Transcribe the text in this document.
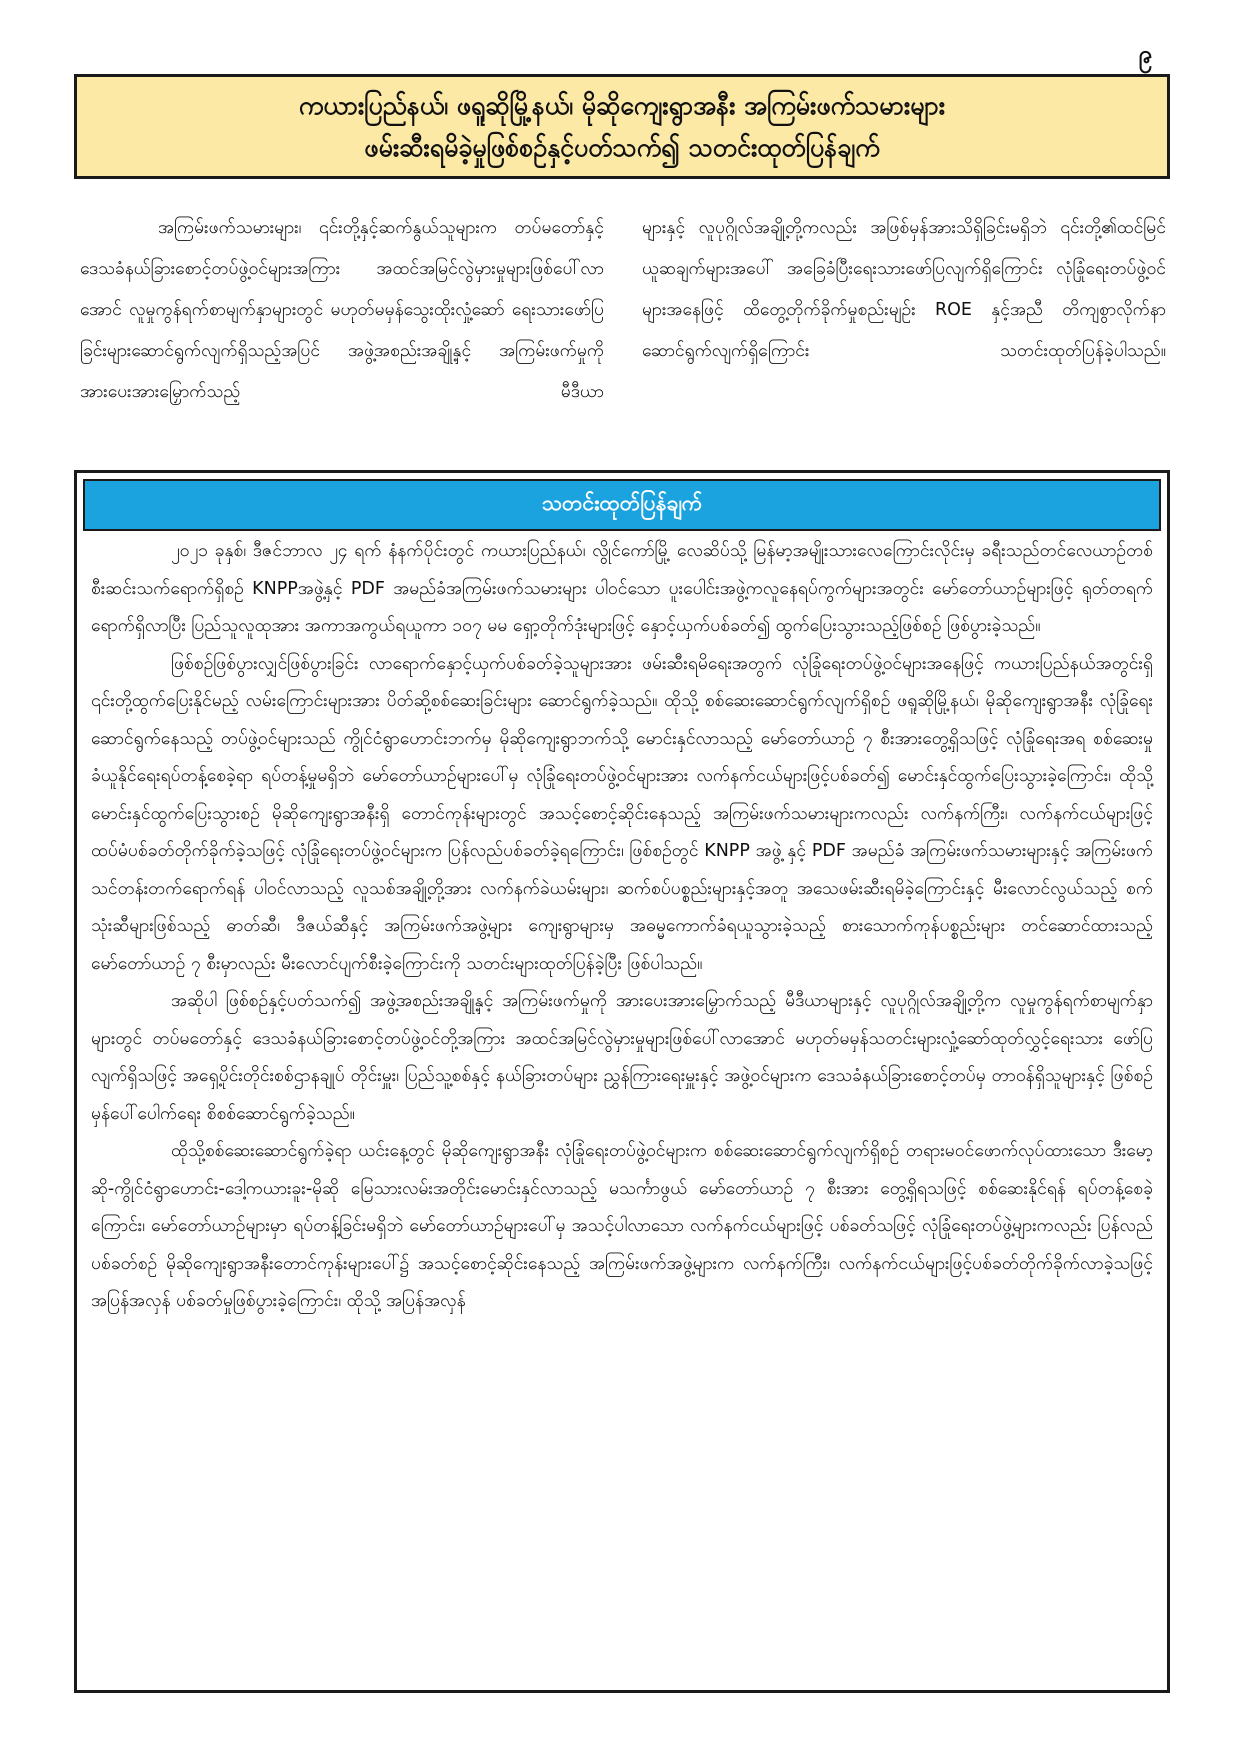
၉
ကယားပြည်နယ်၊ ဖရူဆိုမြို့နယ်၊ မိုဆိုကျေးရွာအနီး အကြမ်းဖက်သမားများ
ဖမ်းဆီးရမိခဲ့မှုဖြစ်စဉ်နှင့်ပတ်သက်၍ သတင်းထုတ်ပြန်ချက်
အကြမ်းဖက်သမားများ၊ ၎င်းတို့နှင့်ဆက်နွယ်သူများက တပ်မတော်နှင့် ဒေသခံနယ်ခြားစောင့်တပ်ဖွဲ့ဝင်များအကြား အထင်အမြင်လွဲမှားမှုများဖြစ်ပေါ်လာအောင် လူမှုကွန်ရက်စာမျက်နှာများတွင် မဟုတ်မမှန်သွေးထိုးလှုံ့ဆော် ရေးသားဖော်ပြခြင်းများဆောင်ရွက်လျက်ရှိသည့်အပြင် အဖွဲ့အစည်းအချို့နှင့် အကြမ်းဖက်မှုကို အားပေးအားမြှောက်သည့် မီဒီယာ
များနှင့် လူပုဂ္ဂိုလ်အချို့တို့ကလည်း အဖြစ်မှန်အားသိရှိခြင်းမရှိဘဲ ၎င်းတို့၏ထင်မြင်ယူဆချက်များအပေါ် အခြေခံပြီးရေးသားဖော်ပြလျက်ရှိကြောင်း လုံခြုံရေးတပ်ဖွဲ့ဝင်များအနေဖြင့် ထိတွေ့တိုက်ခိုက်မှုစည်းမျဉ်း ROE နှင့်အညီ တိကျစွာလိုက်နာဆောင်ရွက်လျက်ရှိကြောင်း သတင်းထုတ်ပြန်ခဲ့ပါသည်။
သတင်းထုတ်ပြန်ချက်

၂၀၂၁ ခုနှစ်၊ ဒီဇင်ဘာလ ၂၄ ရက် နံနက်ပိုင်းတွင် ကယားပြည်နယ်၊ လွိုင်ကော်မြို့ လေဆိပ်သို့ မြန်မာ့အမျိုးသားလေကြောင်းလိုင်းမှ ခရီးသည်တင်လေယာဉ်တစ်စီးဆင်းသက်ရောက်ရှိစဉ် KNPPအဖွဲ့နှင့် PDF အမည်ခံအကြမ်းဖက်သမားများ ပါဝင်သော ပူးပေါင်းအဖွဲ့ကလူနေရပ်ကွက်များအတွင်း မော်တော်ယာဉ်များဖြင့် ရုတ်တရက်ရောက်ရှိလာပြီး ပြည်သူလူထုအား အကာအကွယ်ရယူကာ ၁၀၇ မမ ရှော့တိုက်ဒုံးများဖြင့် နှောင့်ယှက်ပစ်ခတ်၍ ထွက်ပြေးသွားသည့်ဖြစ်စဉ် ဖြစ်ပွားခဲ့သည်။

ဖြစ်စဉ်ဖြစ်ပွားလျှင်ဖြစ်ပွားခြင်း လာရောက်နှောင့်ယှက်ပစ်ခတ်ခဲ့သူများအား ဖမ်းဆီးရမိရေးအတွက် လုံခြုံရေးတပ်ဖွဲ့ဝင်များအနေဖြင့် ကယားပြည်နယ်အတွင်းရှိ ၎င်းတို့ထွက်ပြေးနိုင်မည့် လမ်းကြောင်းများအား ပိတ်ဆို့စစ်ဆေးခြင်းများ ဆောင်ရွက်ခဲ့သည်။ ထိုသို့ စစ်ဆေးဆောင်ရွက်လျက်ရှိစဉ် ဖရူဆိုမြို့နယ်၊ မိုဆိုကျေးရွာအနီး လုံခြုံရေးဆောင်ရွက်နေသည့် တပ်ဖွဲ့ဝင်များသည် ကွိုင်ငံရွာဟောင်းဘက်မှ မိုဆိုကျေးရွာဘက်သို့ မောင်းနှင်လာသည့် မော်တော်ယာဉ် ၇ စီးအားတွေ့ရှိသဖြင့် လုံခြုံရေးအရ စစ်ဆေးမှုခံယူနိုင်ရေးရပ်တန့်စေခဲ့ရာ ရပ်တန့်မှုမရှိဘဲ မော်တော်ယာဉ်များပေါ်မှ လုံခြုံရေးတပ်ဖွဲ့ဝင်များအား လက်နက်ငယ်များဖြင့်ပစ်ခတ်၍ မောင်းနှင်ထွက်ပြေးသွားခဲ့ကြောင်း၊ ထိုသို့ မောင်းနှင်ထွက်ပြေးသွားစဉ် မိုဆိုကျေးရွာအနီးရှိ တောင်ကုန်းများတွင် အသင့်စောင့်ဆိုင်းနေသည့် အကြမ်းဖက်သမားများကလည်း လက်နက်ကြီး၊ လက်နက်ငယ်များဖြင့် ထပ်မံပစ်ခတ်တိုက်ခိုက်ခဲ့သဖြင့် လုံခြုံရေးတပ်ဖွဲ့ဝင်များက ပြန်လည်ပစ်ခတ်ခဲ့ရကြောင်း၊ ဖြစ်စဉ်တွင် KNPP အဖွဲ့ နှင့် PDF အမည်ခံ အကြမ်းဖက်သမားများနှင့် အကြမ်းဖက်သင်တန်းတက်ရောက်ရန် ပါဝင်လာသည့် လူသစ်အချို့တို့အား လက်နက်ခဲယမ်းများ၊ ဆက်စပ်ပစ္စည်းများနှင့်အတူ အသေဖမ်းဆီးရမိခဲ့ကြောင်းနှင့် မီးလောင်လွယ်သည့် စက်သုံးဆီများဖြစ်သည့် ဓာတ်ဆီ၊ ဒီဇယ်ဆီနှင့် အကြမ်းဖက်အဖွဲ့များ ကျေးရွာများမှ အဓမ္မကောက်ခံရယူသွားခဲ့သည့် စားသောက်ကုန်ပစ္စည်းများ တင်ဆောင်ထားသည့် မော်တော်ယာဉ် ၇ စီးမှာလည်း မီးလောင်ပျက်စီးခဲ့ကြောင်းကို သတင်းများထုတ်ပြန်ခဲ့ပြီး ဖြစ်ပါသည်။

အဆိုပါ ဖြစ်စဉ်နှင့်ပတ်သက်၍ အဖွဲ့အစည်းအချို့နှင့် အကြမ်းဖက်မှုကို အားပေးအားမြှောက်သည့် မီဒီယာများနှင့် လူပုဂ္ဂိုလ်အချို့တို့က လူမှုကွန်ရက်စာမျက်နှာများတွင် တပ်မတော်နှင့် ဒေသခံနယ်ခြားစောင့်တပ်ဖွဲ့ဝင်တို့အကြား အထင်အမြင်လွဲမှားမှုများဖြစ်ပေါ်လာအောင် မဟုတ်မမှန်သတင်းများလှုံ့ဆော်ထုတ်လွှင့်ရေးသား ဖော်ပြလျက်ရှိသဖြင့် အရှေ့ပိုင်းတိုင်းစစ်ဌာနချုပ် တိုင်းမှူး၊ ပြည်သူ့စစ်နှင့် နယ်ခြားတပ်များ ညွှန်ကြားရေးမှူးနှင့် အဖွဲ့ဝင်များက ဒေသခံနယ်ခြားစောင့်တပ်မှ တာဝန်ရှိသူများနှင့် ဖြစ်စဉ်မှန်ပေါ်ပေါက်ရေး စိစစ်ဆောင်ရွက်ခဲ့သည်။

ထိုသို့စစ်ဆေးဆောင်ရွက်ခဲ့ရာ ယင်းနေ့တွင် မိုဆိုကျေးရွာအနီး လုံခြုံရေးတပ်ဖွဲ့ဝင်များက စစ်ဆေးဆောင်ရွက်လျက်ရှိစဉ် တရားမဝင်ဖောက်လုပ်ထားသော ဒီးမော့ဆို-ကွိုင်ငံရွာဟောင်း-ဒေါ့ကယားခူး-မိုဆို မြေသားလမ်းအတိုင်းမောင်းနှင်လာသည့် မသင်္ကာဖွယ် မော်တော်ယာဉ် ၇ စီးအား တွေ့ရှိရသဖြင့် စစ်ဆေးနိုင်ရန် ရပ်တန့်စေခဲ့ကြောင်း၊ မော်တော်ယာဉ်များမှာ ရပ်တန့်ခြင်းမရှိဘဲ မော်တော်ယာဉ်များပေါ်မှ အသင့်ပါလာသော လက်နက်ငယ်များဖြင့် ပစ်ခတ်သဖြင့် လုံခြုံရေးတပ်ဖွဲ့များကလည်း ပြန်လည်ပစ်ခတ်စဉ် မိုဆိုကျေးရွာအနီးတောင်ကုန်းများပေါ်၌ အသင့်စောင့်ဆိုင်းနေသည့် အကြမ်းဖက်အဖွဲ့များက လက်နက်ကြီး၊ လက်နက်ငယ်များဖြင့်ပစ်ခတ်တိုက်ခိုက်လာခဲ့သဖြင့် အပြန်အလှန် ပစ်ခတ်မှုဖြစ်ပွားခဲ့ကြောင်း၊ ထိုသို့ အပြန်အလှန်
